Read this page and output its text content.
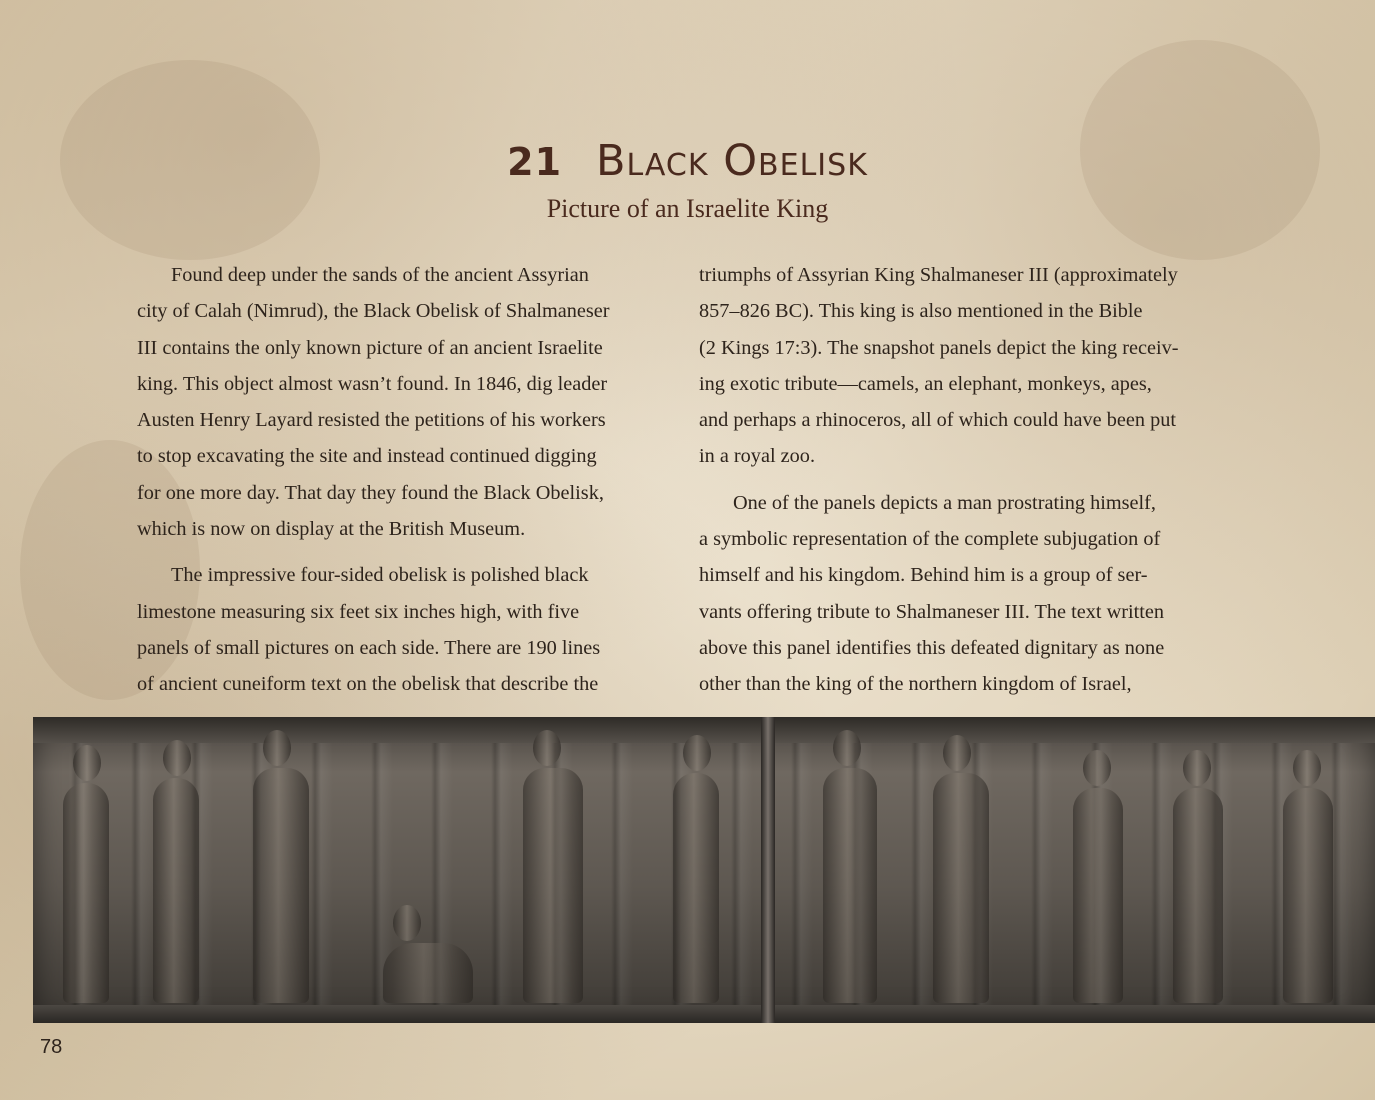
21 Black Obelisk
Picture of an Israelite King

Found deep under the sands of the ancient Assyrian
city of Calah (Nimrud), the Black Obelisk of Shalmaneser
III contains the only known picture of an ancient Israelite
king. This object almost wasn’t found. In 1846, dig leader
Austen Henry Layard resisted the petitions of his workers
to stop excavating the site and instead continued digging
for one more day. That day they found the Black Obelisk,
which is now on display at the British Museum.

The impressive four-sided obelisk is polished black
limestone measuring six feet six inches high, with five
panels of small pictures on each side. There are 190 lines
of ancient cuneiform text on the obelisk that describe the

triumphs of Assyrian King Shalmaneser III (approximately
857–826 BC). This king is also mentioned in the Bible
(2 Kings 17:3). The snapshot panels depict the king receiv-
ing exotic tribute—camels, an elephant, monkeys, apes,
and perhaps a rhinoceros, all of which could have been put
in a royal zoo.

One of the panels depicts a man prostrating himself,
a symbolic representation of the complete subjugation of
himself and his kingdom. Behind him is a group of ser-
vants offering tribute to Shalmaneser III. The text written
above this panel identifies this defeated dignitary as none
other than the king of the northern kingdom of Israel,

78
